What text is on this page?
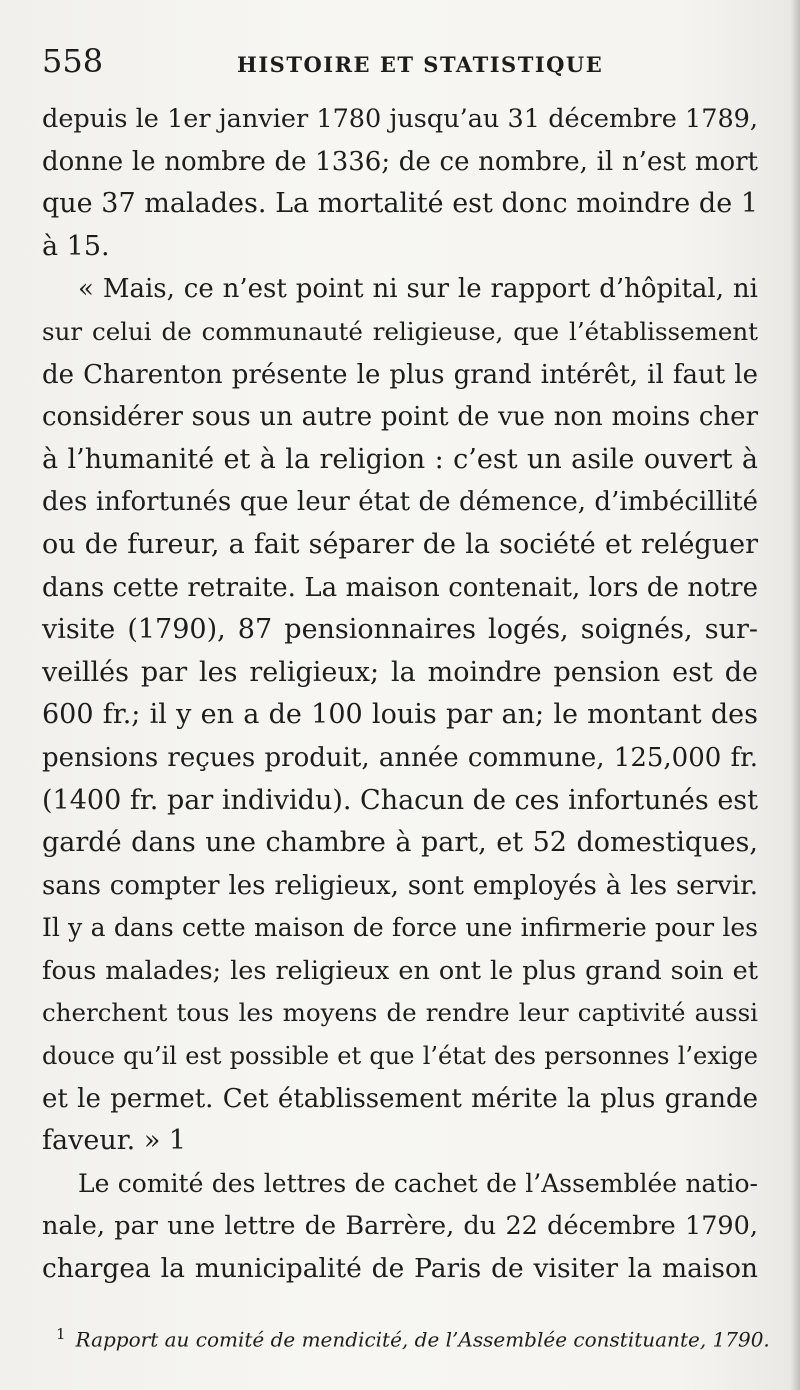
558	HISTOIRE ET STATISTIQUE
depuis le 1er janvier 1780 jusqu’au 31 décembre 1789,
donne le nombre de 1336; de ce nombre, il n’est mort
que 37 malades. La mortalité est donc moindre de 1
à 15.
« Mais, ce n’est point ni sur le rapport d’hôpital, ni
sur celui de communauté religieuse, que l’établissement
de Charenton présente le plus grand intérêt, il faut le
considérer sous un autre point de vue non moins cher
à l’humanité et à la religion : c’est un asile ouvert à
des infortunés que leur état de démence, d’imbécillité
ou de fureur, a fait séparer de la société et reléguer
dans cette retraite. La maison contenait, lors de notre
visite (1790), 87 pensionnaires logés, soignés, sur-
veillés par les religieux; la moindre pension est de
600 fr.; il y en a de 100 louis par an; le montant des
pensions reçues produit, année commune, 125,000 fr.
(1400 fr. par individu). Chacun de ces infortunés est
gardé dans une chambre à part, et 52 domestiques,
sans compter les religieux, sont employés à les servir.
Il y a dans cette maison de force une infirmerie pour les
fous malades; les religieux en ont le plus grand soin et
cherchent tous les moyens de rendre leur captivité aussi
douce qu’il est possible et que l’état des personnes l’exige
et le permet. Cet établissement mérite la plus grande
faveur. » 1
Le comité des lettres de cachet de l’Assemblée natio-
nale, par une lettre de Barrère, du 22 décembre 1790,
chargea la municipalité de Paris de visiter la maison
$^1$ Rapport au comité de mendicité, de l’Assemblée constituante, 1790.
